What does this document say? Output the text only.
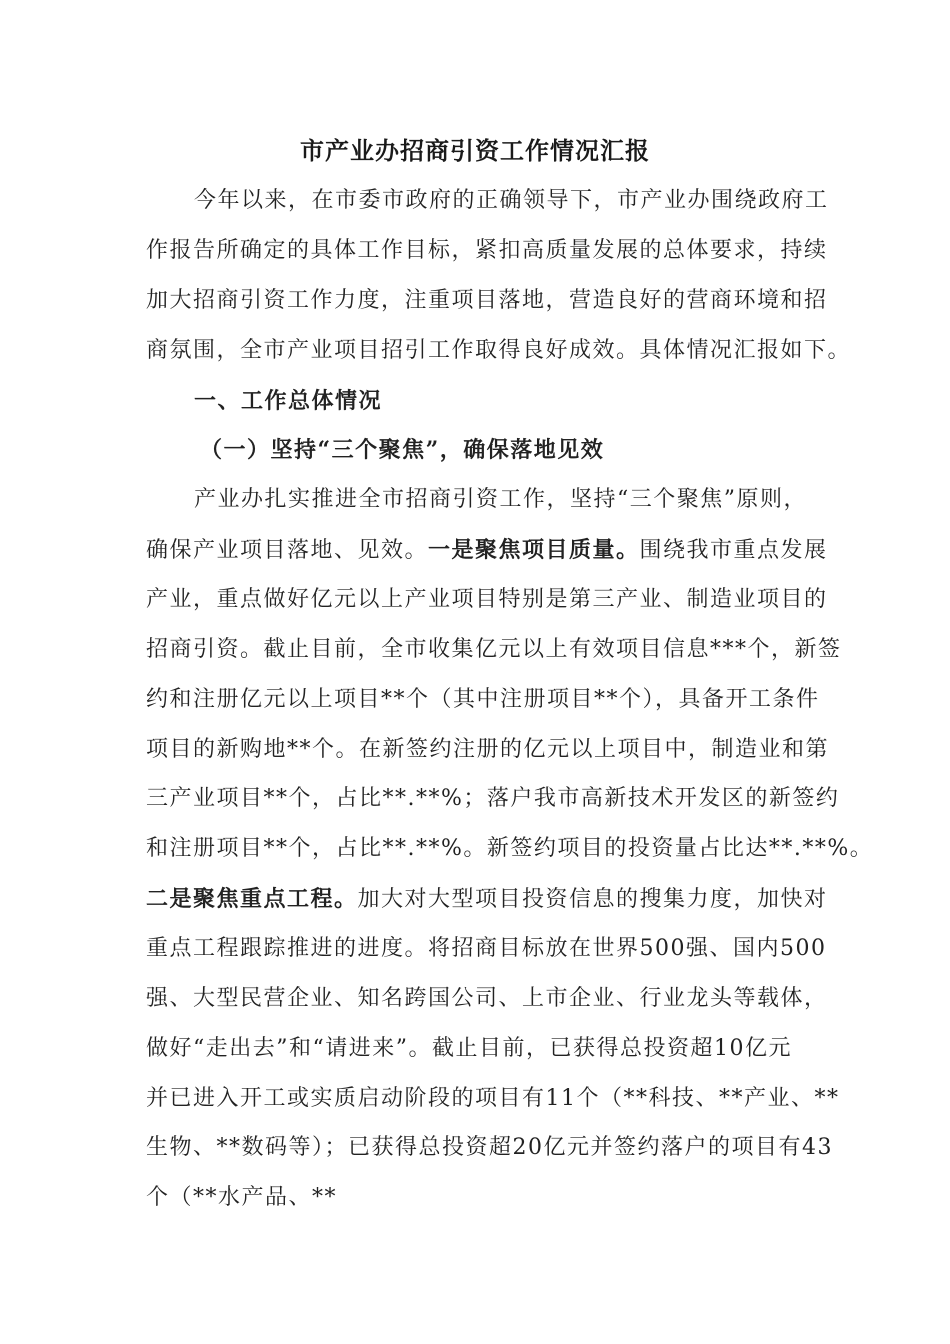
市产业办招商引资工作情况汇报
今年以来，在市委市政府的正确领导下，市产业办围绕政府工
作报告所确定的具体工作目标，紧扣高质量发展的总体要求，持续
加大招商引资工作力度，注重项目落地，营造良好的营商环境和招
商氛围，全市产业项目招引工作取得良好成效。具体情况汇报如下。
一、工作总体情况
（一）坚持“三个聚焦”，确保落地见效
产业办扎实推进全市招商引资工作，坚持“三个聚焦”原则，
确保产业项目落地、见效。一是聚焦项目质量。围绕我市重点发展
产业，重点做好亿元以上产业项目特别是第三产业、制造业项目的
招商引资。截止目前，全市收集亿元以上有效项目信息***个，新签
约和注册亿元以上项目**个（其中注册项目**个），具备开工条件
项目的新购地**个。在新签约注册的亿元以上项目中，制造业和第
三产业项目**个，占比**.**%；落户我市高新技术开发区的新签约
和注册项目**个，占比**.**%。新签约项目的投资量占比达**.**%。
二是聚焦重点工程。加大对大型项目投资信息的搜集力度，加快对
重点工程跟踪推进的进度。将招商目标放在世界500强、国内500
强、大型民营企业、知名跨国公司、上市企业、行业龙头等载体，
做好“走出去”和“请进来”。截止目前，已获得总投资超10亿元
并已进入开工或实质启动阶段的项目有11个（**科技、**产业、**
生物、**数码等）；已获得总投资超20亿元并签约落户的项目有43
个（**水产品、**
